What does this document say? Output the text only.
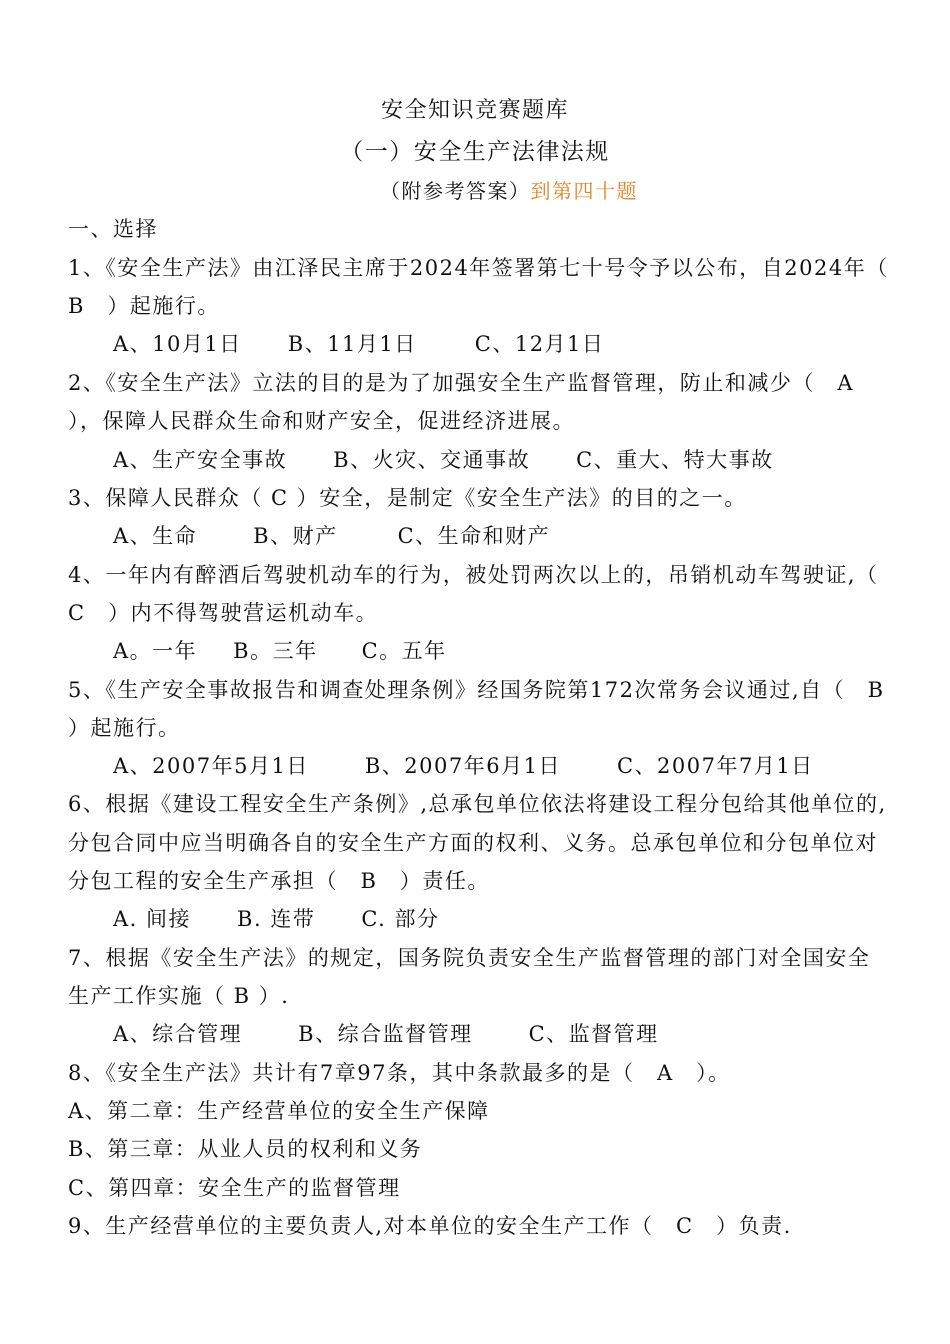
安全知识竞赛题库
（一）安全生产法律法规
（附参考答案）到第四十题
一、选择
1、《安全生产法》由江泽民主席于2024年签署第七十号令予以公布，自2024年（
B　）起施行。
A、10月1日 B、11月1日	C、12月1日
2、《安全生产法》立法的目的是为了加强安全生产监督管理，防止和减少（　A
），保障人民群众生命和财产安全，促进经济进展。
A、生产安全事故 B、火灾、交通事故 C、重大、特大事故
3、保障人民群众（ C ）安全，是制定《安全生产法》的目的之一。
A、生命	B、财产	C、生命和财产
4、一年内有醉酒后驾驶机动车的行为，被处罚两次以上的，吊销机动车驾驶证,（
C　）内不得驾驶营运机动车。
A。一年 B。三年 C。五年
5、《生产安全事故报告和调查处理条例》经国务院第172次常务会议通过,自（　B
）起施行。
A、2007年5月1日	B、2007年6月1日	C、2007年7月1日
6、根据《建设工程安全生产条例》,总承包单位依法将建设工程分包给其他单位的,
分包合同中应当明确各自的安全生产方面的权利、义务。总承包单位和分包单位对
分包工程的安全生产承担（　B　）责任。
A. 间接 B. 连带 C. 部分
7、根据《安全生产法》的规定，国务院负责安全生产监督管理的部门对全国安全
生产工作实施（ B ）.
A、综合管理	B、综合监督管理	C、监督管理
8、《安全生产法》共计有7章97条，其中条款最多的是（　A　）。
A、第二章：生产经营单位的安全生产保障
B、第三章：从业人员的权利和义务
C、第四章：安全生产的监督管理
9、生产经营单位的主要负责人,对本单位的安全生产工作（　C　）负责.
